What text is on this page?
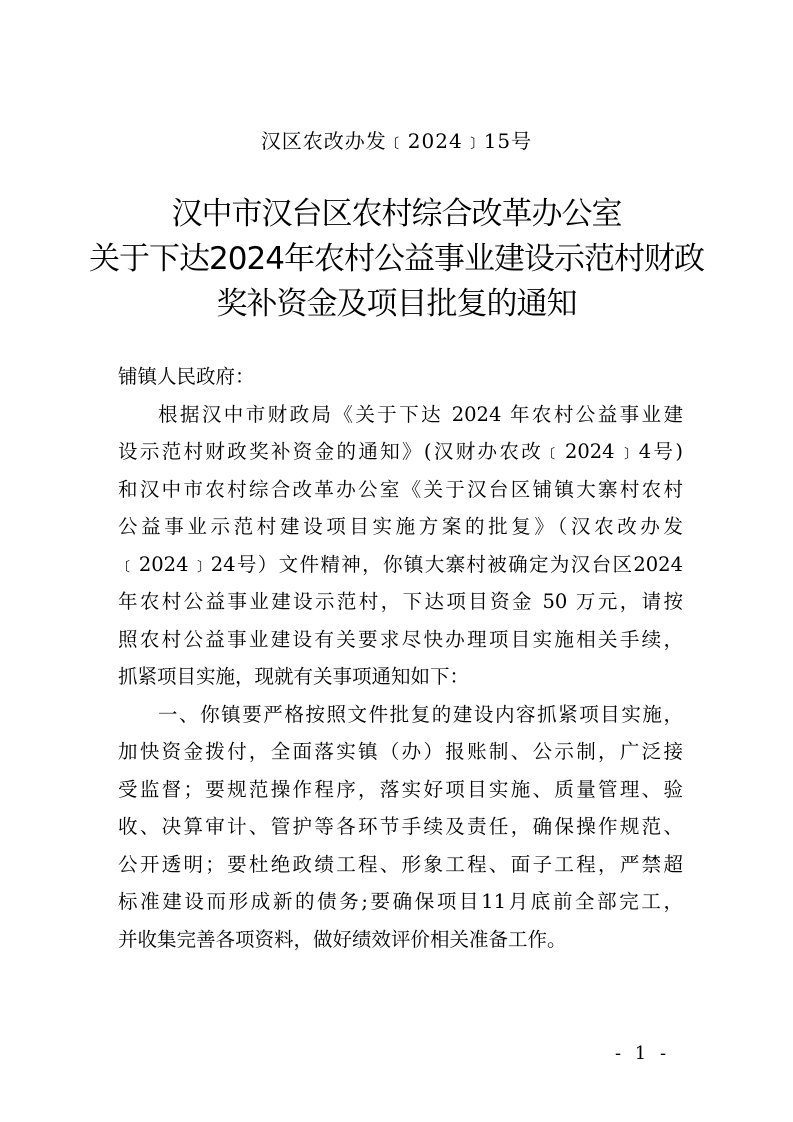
汉区农改办发﹝2024﹞15号
汉中市汉台区农村综合改革办公室
关于下达2024年农村公益事业建设示范村财政
奖补资金及项目批复的通知
铺镇人民政府：
根据汉中市财政局《关于下达 2024 年农村公益事业建
设示范村财政奖补资金的通知》(汉财办农改﹝2024﹞4号)
和汉中市农村综合改革办公室《关于汉台区铺镇大寨村农村
公益事业示范村建设项目实施方案的批复》（汉农改办发
﹝2024﹞24号）文件精神，你镇大寨村被确定为汉台区2024
年农村公益事业建设示范村，下达项目资金 50 万元，请按
照农村公益事业建设有关要求尽快办理项目实施相关手续，
抓紧项目实施，现就有关事项通知如下：
一、你镇要严格按照文件批复的建设内容抓紧项目实施，
加快资金拨付，全面落实镇（办）报账制、公示制，广泛接
受监督；要规范操作程序，落实好项目实施、质量管理、验
收、决算审计、管护等各环节手续及责任，确保操作规范、
公开透明；要杜绝政绩工程、形象工程、面子工程，严禁超
标准建设而形成新的债务;要确保项目11月底前全部完工，
并收集完善各项资料，做好绩效评价相关准备工作。
- 1 -
